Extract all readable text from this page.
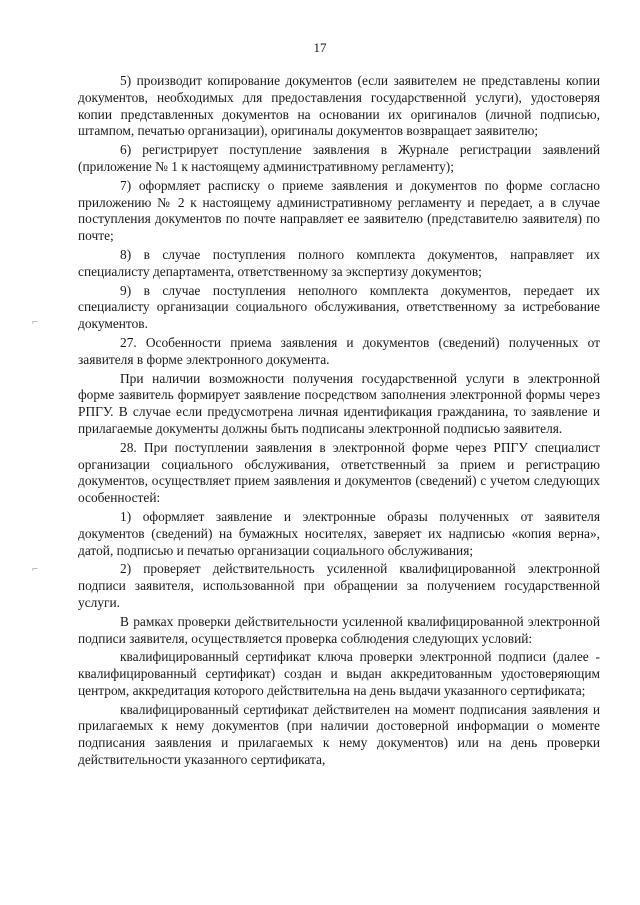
17
⌐
⌐

5) производит копирование документов (если заявителем не представлены копии документов, необходимых для предоставления государственной услуги), удостоверяя копии представленных документов на основании их оригиналов (личной подписью, штампом, печатью организации), оригиналы документов возвращает заявителю;

6) регистрирует поступление заявления в Журнале регистрации заявлений (приложение № 1 к настоящему административному регламенту);

7) оформляет расписку о приеме заявления и документов по форме согласно приложению № 2 к настоящему административному регламенту и передает, а в случае поступления документов по почте направляет ее заявителю (представителю заявителя) по почте;

8) в случае поступления полного комплекта документов, направляет их специалисту департамента, ответственному за экспертизу документов;

9) в случае поступления неполного комплекта документов, передает их специалисту организации социального обслуживания, ответственному за истребование документов.

27. Особенности приема заявления и документов (сведений) полученных от заявителя в форме электронного документа.

При наличии возможности получения государственной услуги в электронной форме заявитель формирует заявление посредством заполнения электронной формы через РПГУ. В случае если предусмотрена личная идентификация гражданина, то заявление и прилагаемые документы должны быть подписаны электронной подписью заявителя.

28. При поступлении заявления в электронной форме через РПГУ специалист организации социального обслуживания, ответственный за прием и регистрацию документов, осуществляет прием заявления и документов (сведений) с учетом следующих особенностей:

1) оформляет заявление и электронные образы полученных от заявителя документов (сведений) на бумажных носителях, заверяет их надписью «копия верна», датой, подписью и печатью организации социального обслуживания;

2) проверяет действительность усиленной квалифицированной электронной подписи заявителя, использованной при обращении за получением государственной услуги.

В рамках проверки действительности усиленной квалифицированной электронной подписи заявителя, осуществляется проверка соблюдения следующих условий:

квалифицированный сертификат ключа проверки электронной подписи (далее - квалифицированный сертификат) создан и выдан аккредитованным удостоверяющим центром, аккредитация которого действительна на день выдачи указанного сертификата;

квалифицированный сертификат действителен на момент подписания заявления и прилагаемых к нему документов (при наличии достоверной информации о моменте подписания заявления и прилагаемых к нему документов) или на день проверки действительности указанного сертификата,
